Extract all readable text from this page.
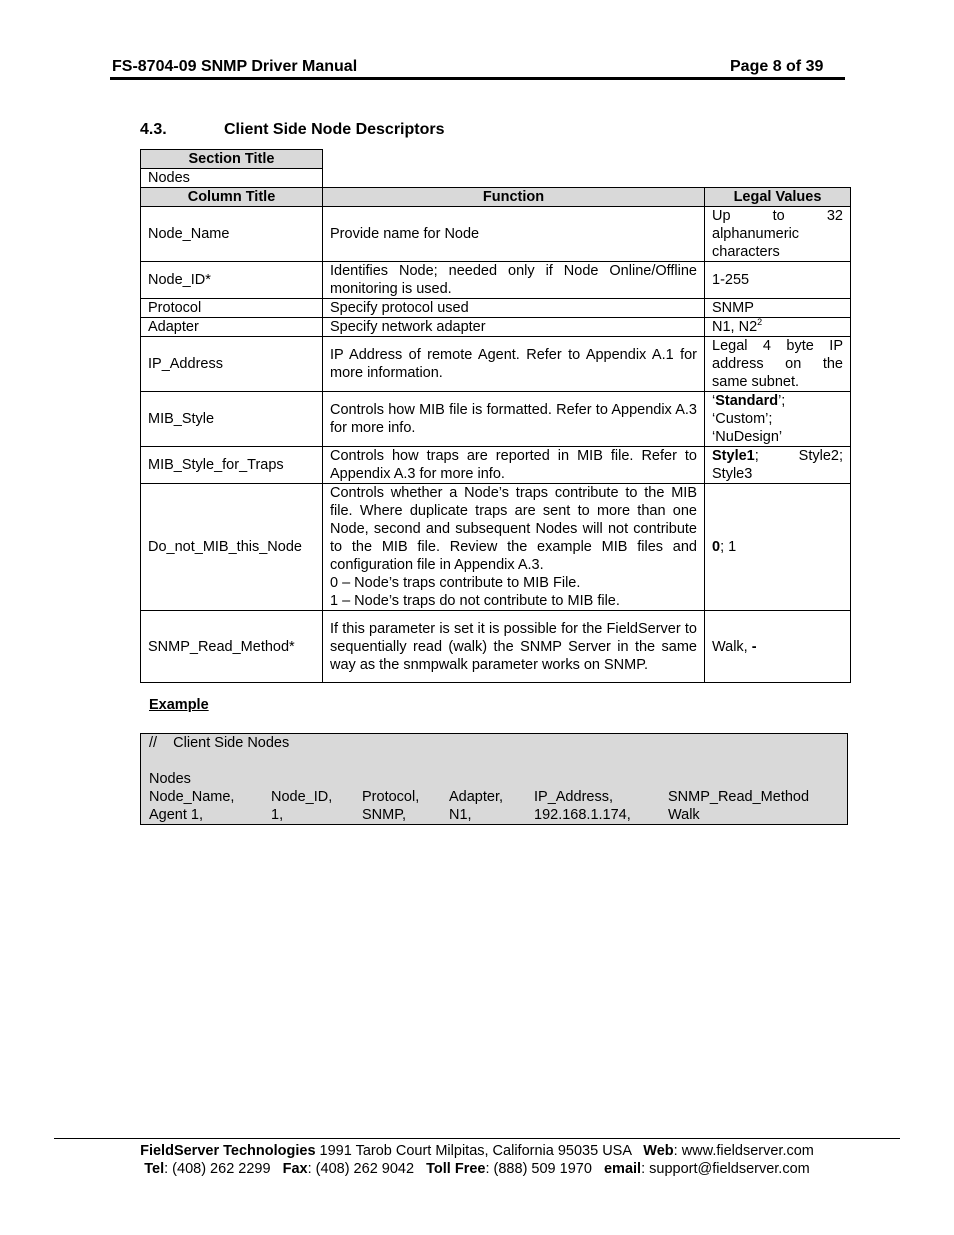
FS-8704-09 SNMP Driver Manual	Page 8 of 39
4.3.	Client Side Node Descriptors
Section Title		
Nodes		
Column Title	Function	Legal Values
Node_Name	Provide name for Node	Up to 32 alphanumeric characters
Node_ID*	Identifies Node; needed only if Node Online/Offline monitoring is used.	1-255
Protocol	Specify protocol used	SNMP
Adapter	Specify network adapter	N1, $N2^2$
IP_Address	IP Address of remote Agent. Refer to Appendix A.1 for more information.	Legal 4 byte IP address on the same subnet.
MIB_Style	Controls how MIB file is formatted. Refer to Appendix A.3 for more info.	‘Standard’;
‘Custom’;
‘NuDesign’
MIB_Style_for_Traps	Controls how traps are reported in MIB file. Refer to Appendix A.3 for more info.	Style1; Style2; Style3
Do_not_MIB_this_Node	Controls whether a Node’s traps contribute to the MIB file. Where duplicate traps are sent to more than one Node, second and subsequent Nodes will not contribute to the MIB file. Review the example MIB files and configuration file in Appendix A.3.
0 – Node’s traps contribute to MIB File.
1 – Node’s traps do not contribute to MIB file.	0; 1
SNMP_Read_Method*	If this parameter is set it is possible for the FieldServer to sequentially read (walk) the SNMP Server in the same way as the snmpwalk parameter works on SNMP.	Walk, -
Example
//    Client Side Nodes
Nodes
Node_Name,	Node_ID, Protocol, Adapter, IP_Address,	SNMP_Read_Method
Agent 1,	1,	SNMP,	N1,	192.168.1.174,	Walk
FieldServer Technologies 1991 Tarob Court Milpitas, California 95035 USA   Web: www.fieldserver.com
Tel: (408) 262 2299   Fax: (408) 262 9042   Toll Free: (888) 509 1970   email: support@fieldserver.com
